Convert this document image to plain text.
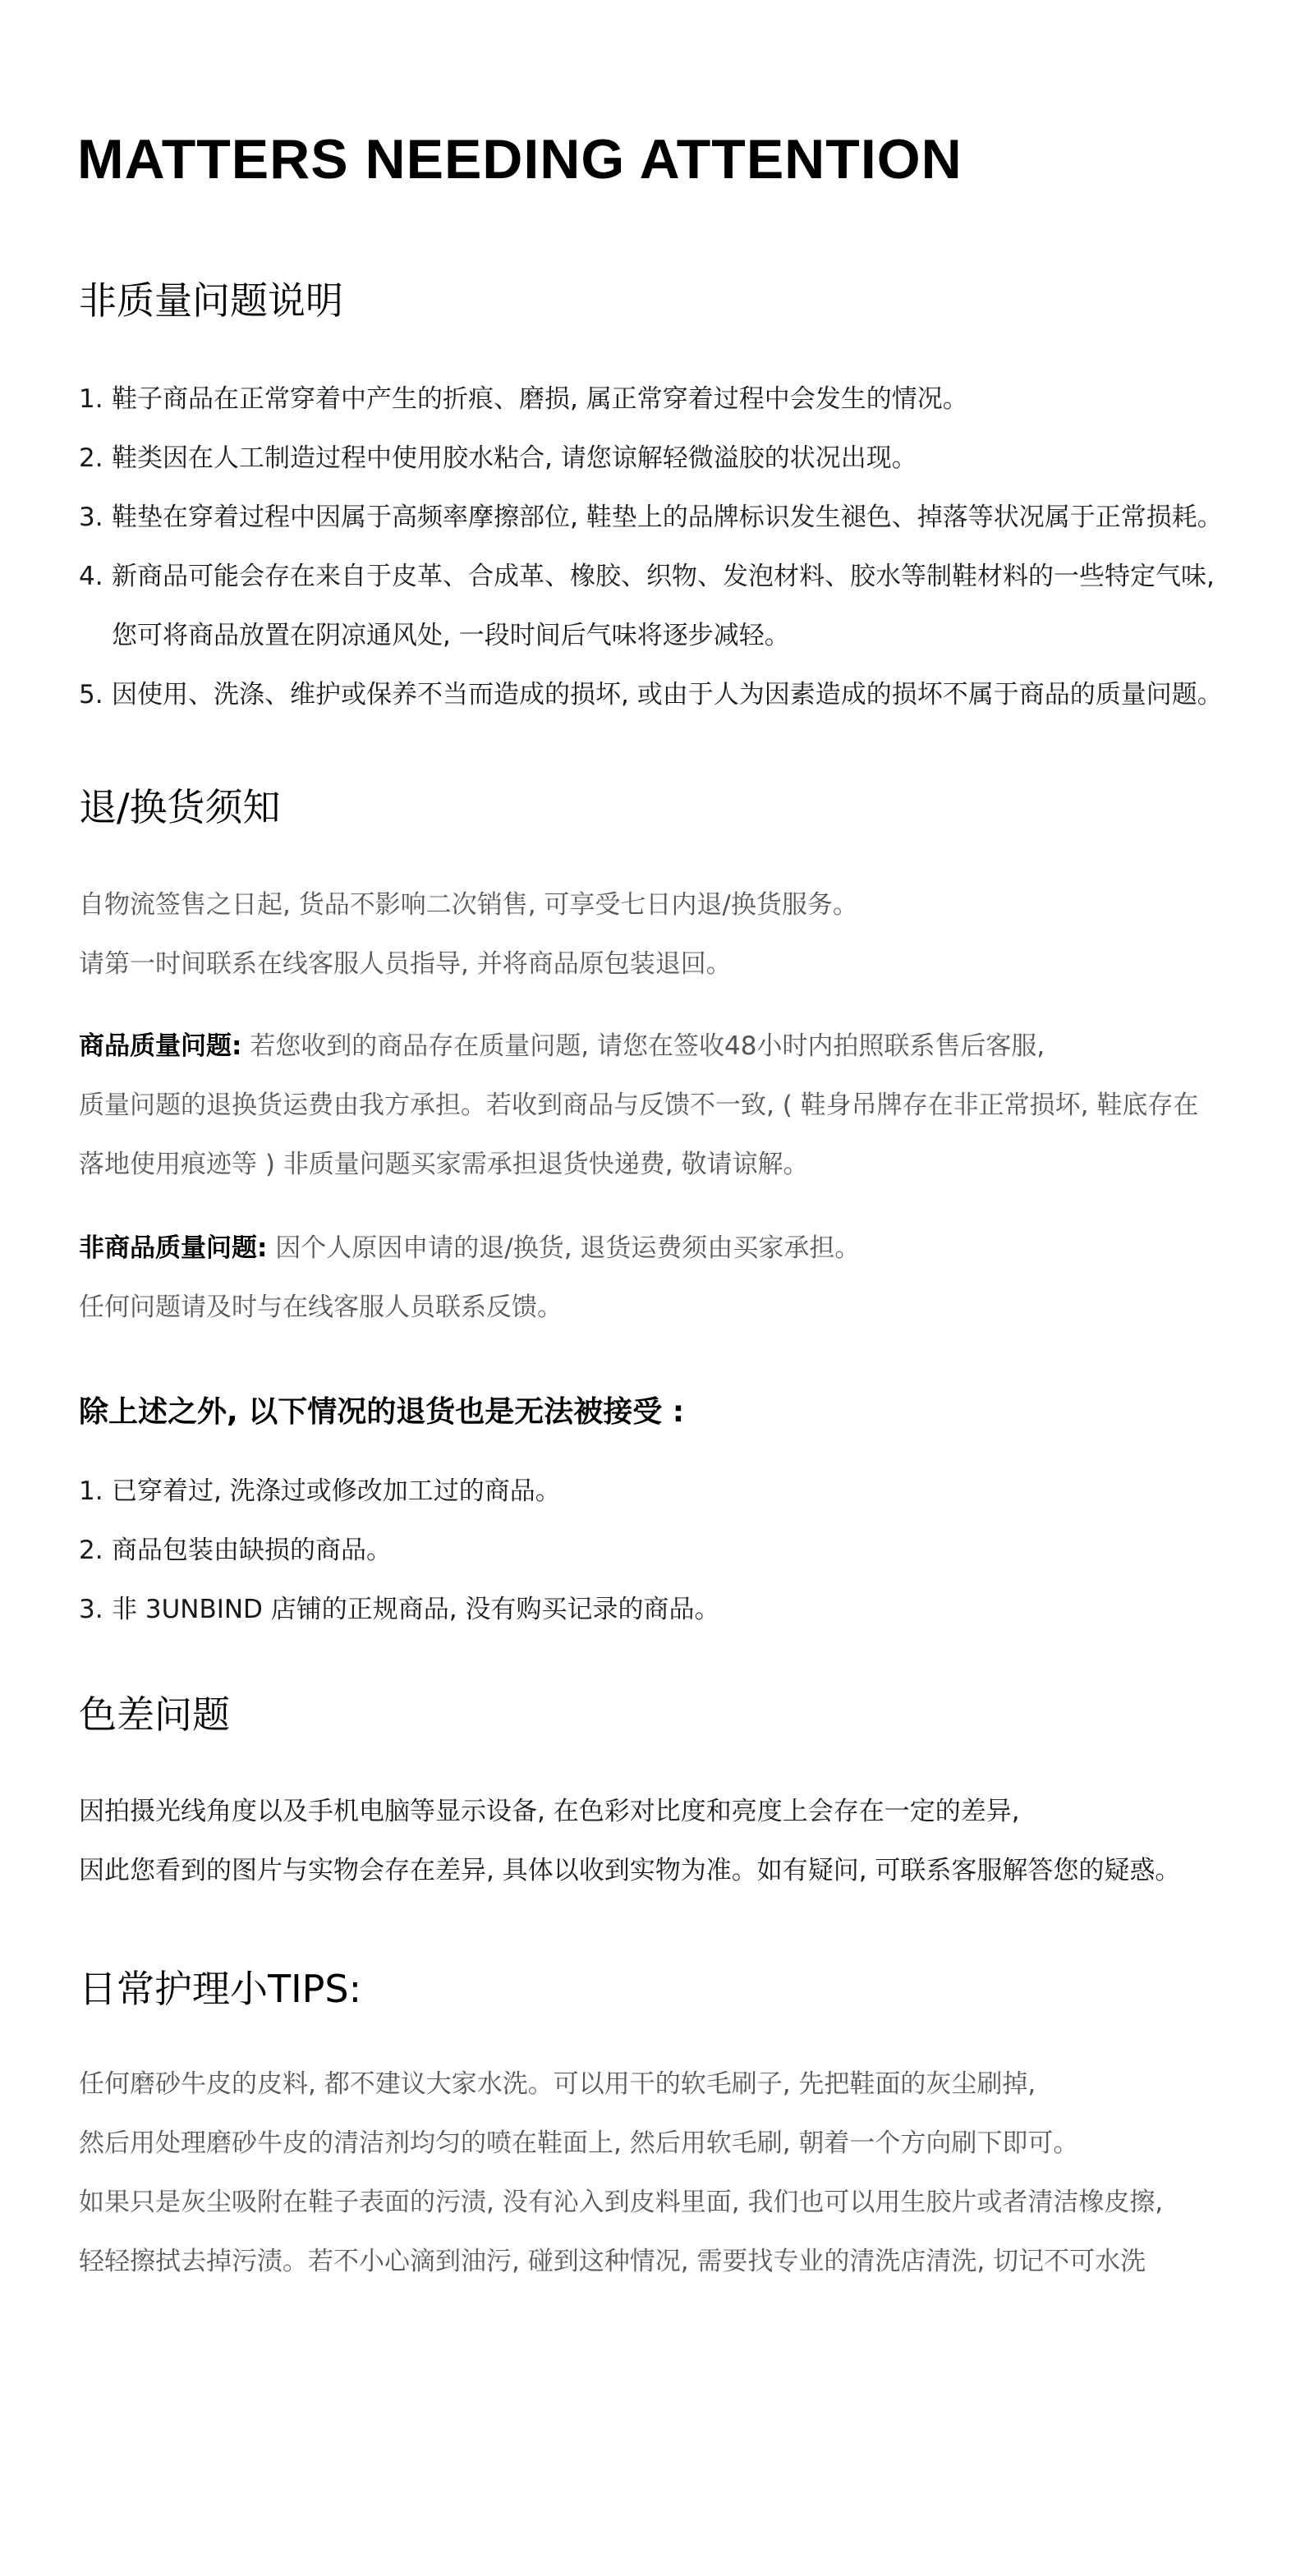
MATTERS NEEDING ATTENTION
非质量问题说明
1. 鞋子商品在正常穿着中产生的折痕、磨损, 属正常穿着过程中会发生的情况。
2. 鞋类因在人工制造过程中使用胶水粘合, 请您谅解轻微溢胶的状况出现。
3. 鞋垫在穿着过程中因属于高频率摩擦部位, 鞋垫上的品牌标识发生褪色、掉落等状况属于正常损耗。
4. 新商品可能会存在来自于皮革、合成革、橡胶、织物、发泡材料、胶水等制鞋材料的一些特定气味,
您可将商品放置在阴凉通风处, 一段时间后气味将逐步减轻。
5. 因使用、洗涤、维护或保养不当而造成的损坏, 或由于人为因素造成的损坏不属于商品的质量问题。
退/换货须知
自物流签售之日起, 货品不影响二次销售, 可享受七日内退/换货服务。
请第一时间联系在线客服人员指导, 并将商品原包装退回。
商品质量问题: 若您收到的商品存在质量问题, 请您在签收48小时内拍照联系售后客服,
质量问题的退换货运费由我方承担。若收到商品与反馈不一致, ( 鞋身吊牌存在非正常损坏, 鞋底存在
落地使用痕迹等 ) 非质量问题买家需承担退货快递费, 敬请谅解。
非商品质量问题: 因个人原因申请的退/换货, 退货运费须由买家承担。
任何问题请及时与在线客服人员联系反馈。
除上述之外, 以下情况的退货也是无法被接受 :
1. 已穿着过, 洗涤过或修改加工过的商品。
2. 商品包装由缺损的商品。
3. 非 3UNBIND 店铺的正规商品, 没有购买记录的商品。
色差问题
因拍摄光线角度以及手机电脑等显示设备, 在色彩对比度和亮度上会存在一定的差异,
因此您看到的图片与实物会存在差异, 具体以收到实物为准。如有疑问, 可联系客服解答您的疑惑。
日常护理小TIPS:
任何磨砂牛皮的皮料, 都不建议大家水洗。可以用干的软毛刷子, 先把鞋面的灰尘刷掉,
然后用处理磨砂牛皮的清洁剂均匀的喷在鞋面上, 然后用软毛刷, 朝着一个方向刷下即可。
如果只是灰尘吸附在鞋子表面的污渍, 没有沁入到皮料里面, 我们也可以用生胶片或者清洁橡皮擦,
轻轻擦拭去掉污渍。若不小心滴到油污, 碰到这种情况, 需要找专业的清洗店清洗, 切记不可水洗
